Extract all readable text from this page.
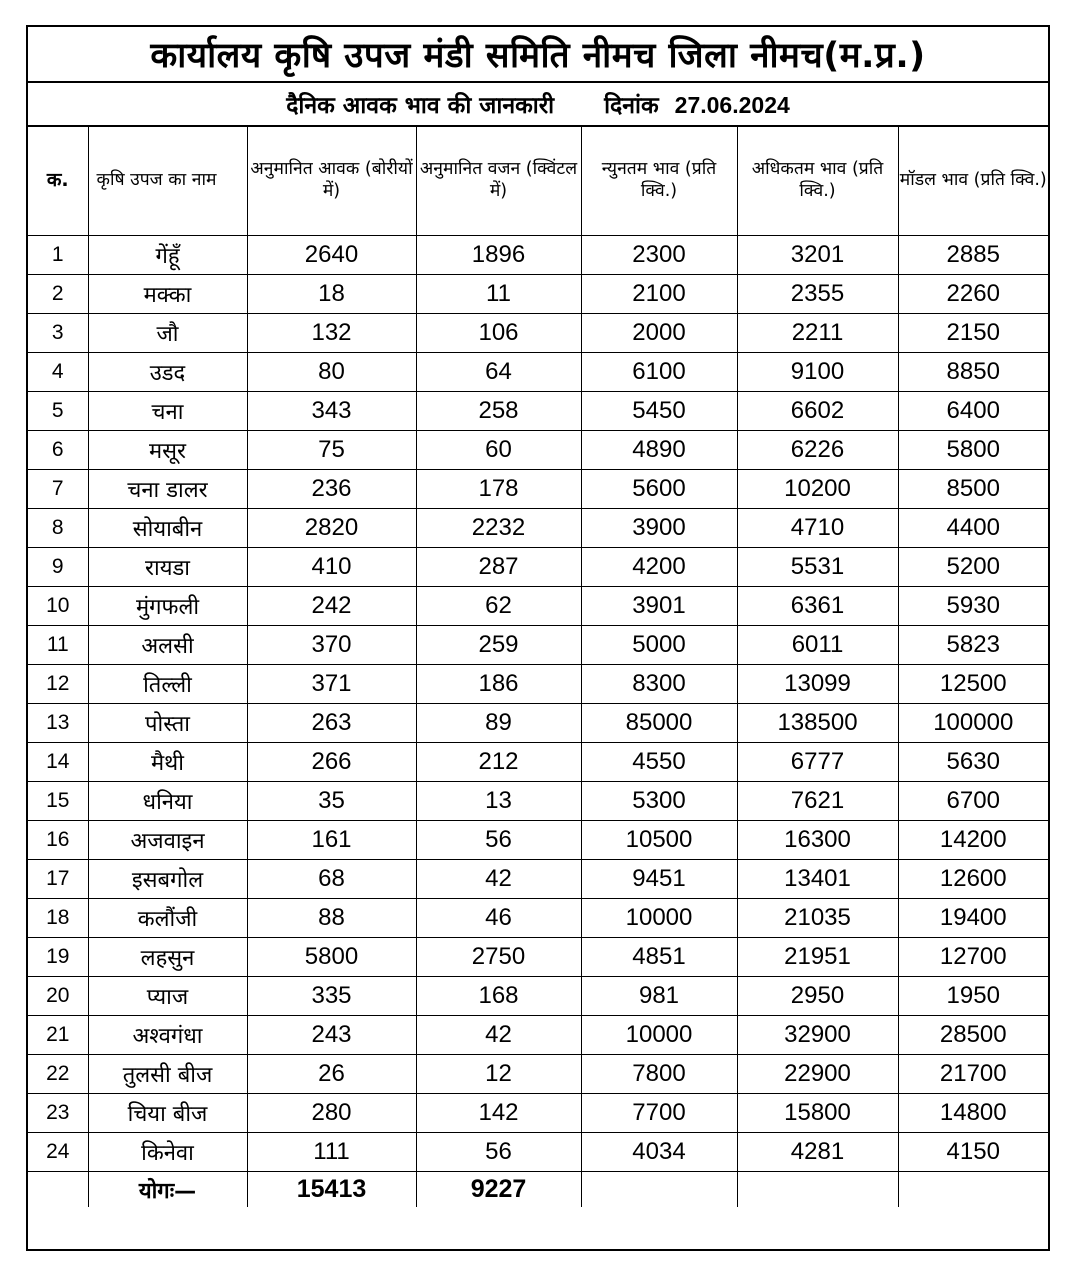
कार्यालय कृषि उपज मंडी समिति नीमच जिला नीमच(म.प्र.)
दैनिक आवक भाव की जानकारी दिनांक 27.06.2024
क.	कृषि उपज का नाम	अनुमानित आवक (बोरीयों में)	अनुमानित वजन (क्विंटल में)	न्युनतम भाव (प्रति क्वि.)	अधिकतम भाव (प्रति क्वि.)	मॉडल भाव (प्रति क्वि.)
1	गेंहूँ	2640	1896	2300	3201	2885
2	मक्का	18	11	2100	2355	2260
3	जौ	132	106	2000	2211	2150
4	उडद	80	64	6100	9100	8850
5	चना	343	258	5450	6602	6400
6	मसूर	75	60	4890	6226	5800
7	चना डालर	236	178	5600	10200	8500
8	सोयाबीन	2820	2232	3900	4710	4400
9	रायडा	410	287	4200	5531	5200
10	मुंगफली	242	62	3901	6361	5930
11	अलसी	370	259	5000	6011	5823
12	तिल्ली	371	186	8300	13099	12500
13	पोस्ता	263	89	85000	138500	100000
14	मैथी	266	212	4550	6777	5630
15	धनिया	35	13	5300	7621	6700
16	अजवाइन	161	56	10500	16300	14200
17	इसबगोल	68	42	9451	13401	12600
18	कलौंजी	88	46	10000	21035	19400
19	लहसुन	5800	2750	4851	21951	12700
20	प्याज	335	168	981	2950	1950
21	अश्वगंधा	243	42	10000	32900	28500
22	तुलसी बीज	26	12	7800	22900	21700
23	चिया बीज	280	142	7700	15800	14800
24	किनेवा	111	56	4034	4281	4150
	योगः—	15413	9227			
